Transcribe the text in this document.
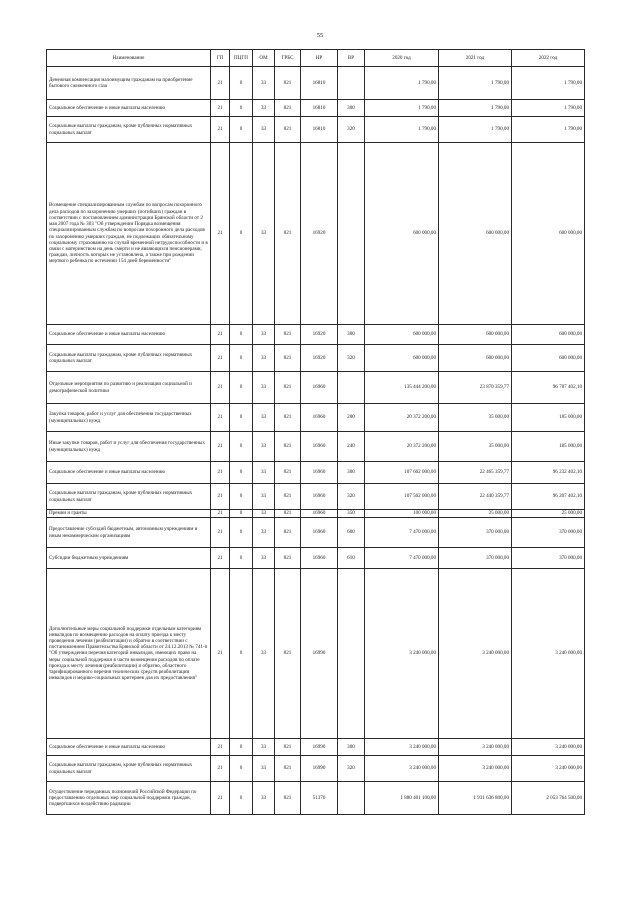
55
Наименование	ГП	ПЦГП	ОМ	ГРБС	НР	ВР	2020 год	2021 год	2022 год
Денежная компенсация малоимущим гражданам на приобретение бытового сжиженного газа	21	0	33	821	16810		1 790,00	1 790,00	1 790,00
Социальное обеспечение и иные выплаты населению	21	0	33	821	16810	300	1 790,00	1 790,00	1 790,00
Социальные выплаты гражданам, кроме публичных нормативных социальных выплат	21	0	33	821	16810	320	1 790,00	1 790,00	1 790,00
Возмещение специализированным службам по вопросам похоронного дела расходов по захоронению умерших (погибших) граждан в соответствии с постановлением администрации Брянской области от 2 мая 2007 года № 303 "Об утверждении Порядка возмещения специализированным службам по вопросам похоронного дела расходов по захоронению умерших граждан, не подлежащих обязательному социальному страхованию на случай временной нетрудоспособности и в связи с материнством на день смерти и не являющихся пенсионерами, граждан, личность которых не установлена, а также при рождении мертвого ребенка по истечении 154 дней беременности"	21	0	33	821	16920		600 000,00	600 000,00	600 000,00
Социальное обеспечение и иные выплаты населению	21	0	33	821	16920	300	600 000,00	600 000,00	600 000,00
Социальные выплаты гражданам, кроме публичных нормативных социальных выплат	21	0	33	821	16920	320	600 000,00	600 000,00	600 000,00
Отдельные мероприятия по развитию и реализации социальной и демографической политики	21	0	33	821	16960		135 444 200,00	23 870 359,77	96 787 402,10
Закупка товаров, работ и услуг для обеспечения государственных (муниципальных) нужд	21	0	33	821	16960	200	20 372 200,00	35 000,00	185 000,00
Иные закупки товаров, работ и услуг для обеспечения государственных (муниципальных) нужд	21	0	33	821	16960	240	20 372 200,00	35 000,00	185 000,00
Социальное обеспечение и иные выплаты населению	21	0	33	821	16960	300	107 602 000,00	22 465 359,77	96 232 402,10
Социальные выплаты гражданам, кроме публичных нормативных социальных выплат	21	0	33	821	16960	320	107 502 000,00	22 440 359,77	96 207 402,10
Премии и гранты	21	0	33	821	16960	350	100 000,00	25 000,00	25 000,00
Предоставление субсидий бюджетным, автономным учреждениям и иным некоммерческим организациям	21	0	33	821	16960	600	7 470 000,00	370 000,00	370 000,00
Субсидии бюджетным учреждениям	21	0	33	821	16960	610	7 470 000,00	370 000,00	370 000,00
Дополнительные меры социальной поддержки отдельным категориям инвалидов по возмещению расходов на оплату проезда к месту проведения лечения (реабилитации) и обратно в соответствии с постановлением Правительства Брянской области от 24.12.2013 № 741-п "Об утверждении перечня категорий инвалидов, имеющих право на меры социальной поддержки в части возмещения расходов по оплате проезда к месту лечения (реабилитации) и обратно, областного тарифицированного перечня технических средств реабилитации инвалидов и медико-социальных критериев для их предоставления"	21	0	33	821	16990		3 240 000,00	3 240 000,00	3 240 000,00
Социальное обеспечение и иные выплаты населению	21	0	33	821	16990	300	3 240 000,00	3 240 000,00	3 240 000,00
Социальные выплаты гражданам, кроме публичных нормативных социальных выплат	21	0	33	821	16990	320	3 240 000,00	3 240 000,00	3 240 000,00
Осуществление переданных полномочий Российской Федерации по предоставлению отдельных мер социальной поддержки граждан, подвергшихся воздействию радиации	21	0	33	821	51370		1 880 401 100,00	1 931 636 800,00	2 053 764 500,00
